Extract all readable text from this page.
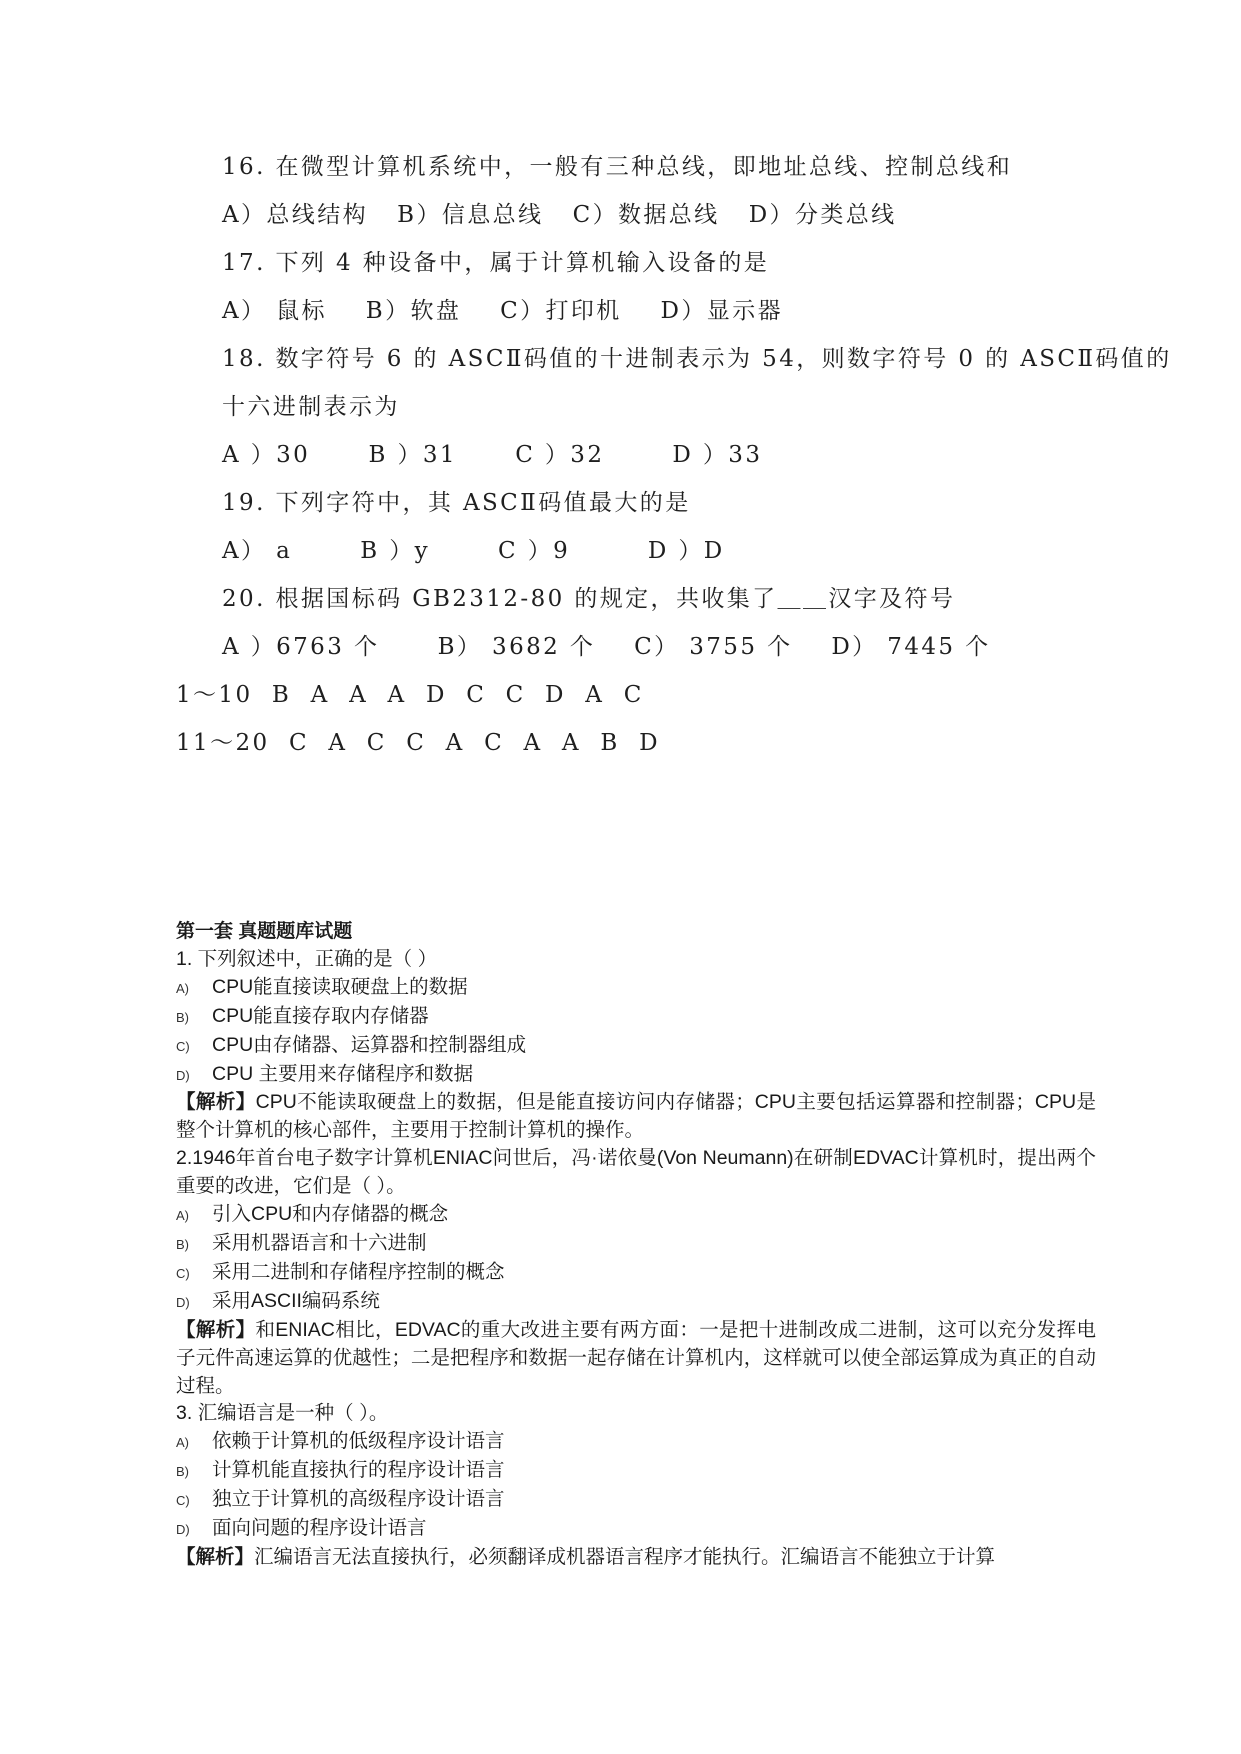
16. 在微型计算机系统中，一般有三种总线，即地址总线、控制总线和
A）总线结构   B）信息总线   C）数据总线   D）分类总线
17. 下列 4 种设备中，属于计算机输入设备的是
A） 鼠标    B）软盘    C）打印机    D）显示器
18. 数字符号 6 的 ASCⅡ码值的十进制表示为 54，则数字符号 0 的 ASCⅡ码值的
十六进制表示为
A ）30      B ）31      C ）32       D ）33
19. 下列字符中，其 ASCⅡ码值最大的是
A） a       B ）y       C ）9        D ）D
20. 根据国标码 GB2312-80 的规定，共收集了＿＿汉字及符号
A ）6763 个      B） 3682 个    C） 3755 个    D） 7445 个
1～10  B  A  A  A  D  C  C  D  A  C
11～20  C  A  C  C  A  C  A  A  B  D
第一套 真题题库试题
1. 下列叙述中，正确的是（ ）
A) CPU能直接读取硬盘上的数据
B) CPU能直接存取内存储器
C) CPU由存储器、运算器和控制器组成
D) CPU 主要用来存储程序和数据
【解析】CPU不能读取硬盘上的数据，但是能直接访问内存储器；CPU主要包括运算器和控制器；CPU是整个计算机的核心部件，主要用于控制计算机的操作。
2.1946年首台电子数字计算机ENIAC问世后，冯·诺依曼(Von Neumann)在研制EDVAC计算机时，提出两个重要的改进，它们是（ ）。
A) 引入CPU和内存储器的概念
B) 采用机器语言和十六进制
C) 采用二进制和存储程序控制的概念
D) 采用ASCII编码系统
【解析】和ENIAC相比，EDVAC的重大改进主要有两方面：一是把十进制改成二进制，这可以充分发挥电子元件高速运算的优越性；二是把程序和数据一起存储在计算机内，这样就可以使全部运算成为真正的自动过程。
3. 汇编语言是一种（ ）。
A) 依赖于计算机的低级程序设计语言
B) 计算机能直接执行的程序设计语言
C) 独立于计算机的高级程序设计语言
D) 面向问题的程序设计语言
【解析】汇编语言无法直接执行，必须翻译成机器语言程序才能执行。汇编语言不能独立于计算
